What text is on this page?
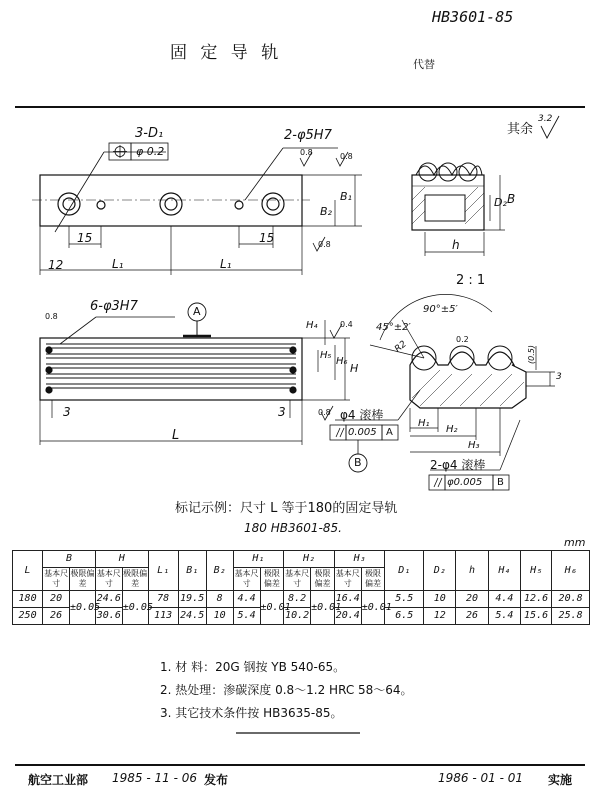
HB3601-85
固 定 导 轨
代替
其余
3.2
3-D₁
φ 0.2
2-φ5H7
0.8	0.8
0.8
15	15
12	L₁	L₁
B₁
B₂
D₂ B
h
2 : 1
6-φ3H7	A
0.8
H₄
H₅
H₆
H
0.4
3	3
L
0.8 φ4 滚棒
0.005 A
B
90°±5′
45°±2′
R2	0.2
(0.5)
3
H₁
H₂
H₃
2-φ4 滚棒
φ0.005 B
标记示例：尺寸 L 等于180的固定导轨
180 HB3601-85.
mm
L	B		H		L₁	B₁	B₂	H₁		H₂		H₃		D₁	D₂	h	H₄	H₅	H₆
	基本尺寸	极限偏差	基本尺寸	极限偏差				基本尺寸	极限偏差	基本尺寸	极限偏差	基本尺寸	极限偏差						
180	20	±0.05	24.6	±0.05	78	19.5	8	4.4	±0.01	8.2	±0.01	16.4	±0.01	5.5	10	20	4.4	12.6	20.8
250	26		30.6		113	24.5	10	5.4		10.2		20.4		6.5	12	26	5.4	15.6	25.8
1. 材 料：20G 钢按 YB 540-65。
2. 热处理：渗碳深度 0.8～1.2 HRC 58～64。
3. 其它技术条件按 HB3635-85。
航空工业部 1985 - 11 - 06 发布	1986 - 01 - 01 实施
